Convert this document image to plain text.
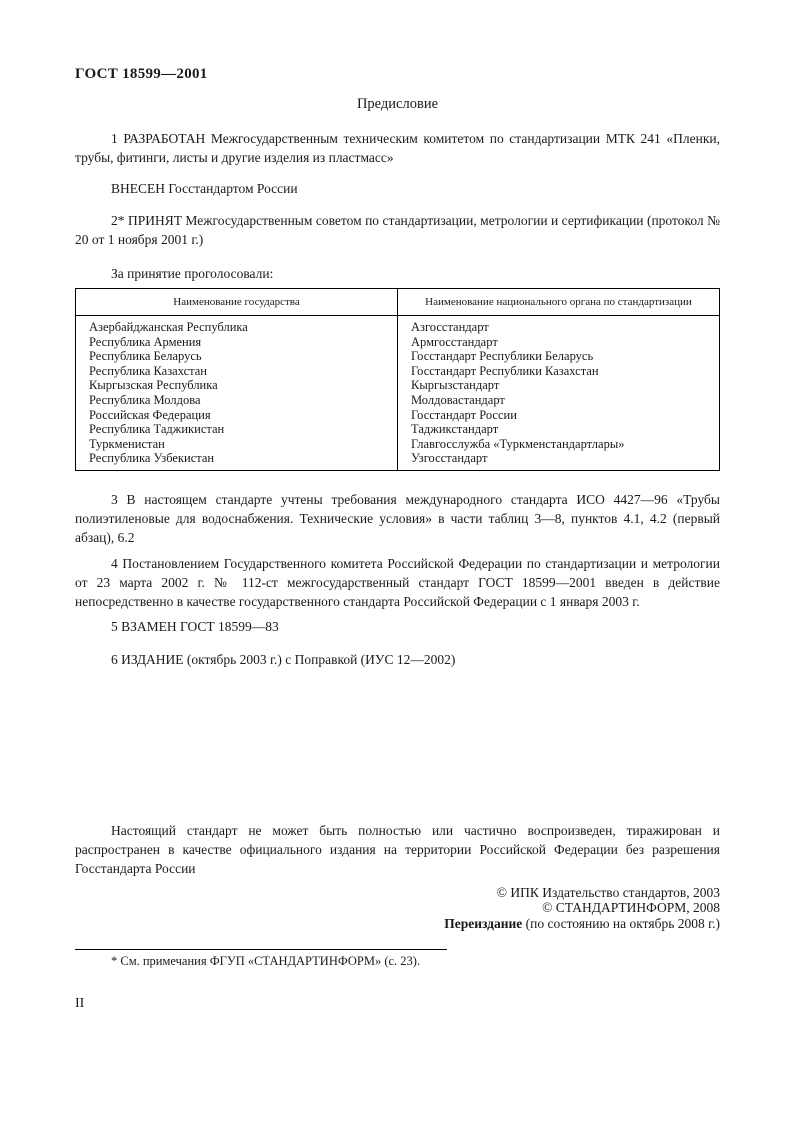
ГОСТ 18599—2001
Предисловие

1 РАЗРАБОТАН Межгосударственным техническим комитетом по стандартизации МТК 241 «Пленки, трубы, фитинги, листы и другие изделия из пластмасс»

ВНЕСЕН Госстандартом России

2* ПРИНЯТ Межгосударственным советом по стандартизации, метрологии и сертификации (протокол № 20 от 1 ноября 2001 г.)

За принятие проголосовали:
Наименование государства	Наименование национального органа по стандартизации
Азербайджанская Республика	Азгосстандарт
Республика Армения	Армгосстандарт
Республика Беларусь	Госстандарт Республики Беларусь
Республика Казахстан	Госстандарт Республики Казахстан
Кыргызская Республика	Кыргызстандарт
Республика Молдова	Молдовастандарт
Российская Федерация	Госстандарт России
Республика Таджикистан	Таджикстандарт
Туркменистан	Главгосслужба «Туркменстандартлары»
Республика Узбекистан	Узгосстандарт

3 В настоящем стандарте учтены требования международного стандарта ИСО 4427—96 «Трубы полиэтиленовые для водоснабжения. Технические условия» в части таблиц 3—8, пунктов 4.1, 4.2 (первый абзац), 6.2

4 Постановлением Государственного комитета Российской Федерации по стандартизации и метрологии от 23 марта 2002 г. № 112-ст межгосударственный стандарт ГОСТ 18599—2001 введен в действие непосредственно в качестве государственного стандарта Российской Федерации с 1 января 2003 г.

5 ВЗАМЕН ГОСТ 18599—83

6 ИЗДАНИЕ (октябрь 2003 г.) с Поправкой (ИУС 12—2002)

Настоящий стандарт не может быть полностью или частично воспроизведен, тиражирован и распространен в качестве официального издания на территории Российской Федерации без разрешения Госстандарта России

© ИПК Издательство стандартов, 2003
© СТАНДАРТИНФОРМ, 2008
Переиздание (по состоянию на октябрь 2008 г.)
* См. примечания ФГУП «СТАНДАРТИНФОРМ» (с. 23).
II
